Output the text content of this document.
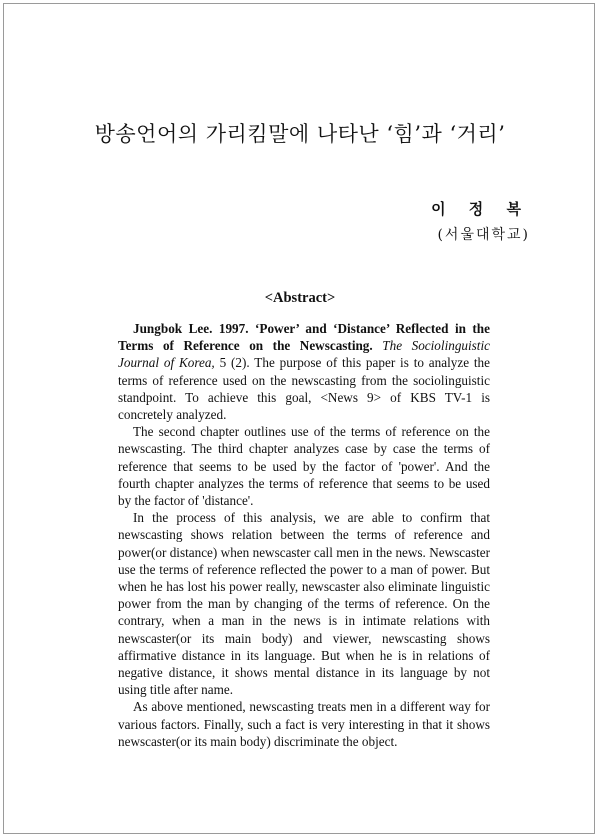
방송언어의 가리킴말에 나타난 ‘힘’과 ‘거리’
이 정 복
(서울대학교)
<Abstract>

Jungbok Lee. 1997. ‘Power’ and ‘Distance’ Reflected in the Terms of Reference on the Newscasting. The Sociolinguistic Journal of Korea, 5 (2). The purpose of this paper is to analyze the terms of reference used on the newscasting from the sociolinguistic standpoint. To achieve this goal, <News 9> of KBS TV-1 is concretely analyzed.

The second chapter outlines use of the terms of reference on the newscasting. The third chapter analyzes case by case the terms of reference that seems to be used by the factor of 'power'. And the fourth chapter analyzes the terms of reference that seems to be used by the factor of 'distance'.

In the process of this analysis, we are able to confirm that newscasting shows relation between the terms of reference and power(or distance) when newscaster call men in the news. Newscaster use the terms of reference reflected the power to a man of power. But when he has lost his power really, newscaster also eliminate linguistic power from the man by changing of the terms of reference. On the contrary, when a man in the news is in intimate relations with newscaster(or its main body) and viewer, newscasting shows affirmative distance in its language. But when he is in relations of negative distance, it shows mental distance in its language by not using title after name.

As above mentioned, newscasting treats men in a different way for various factors. Finally, such a fact is very interesting in that it shows newscaster(or its main body) discriminate the object.
